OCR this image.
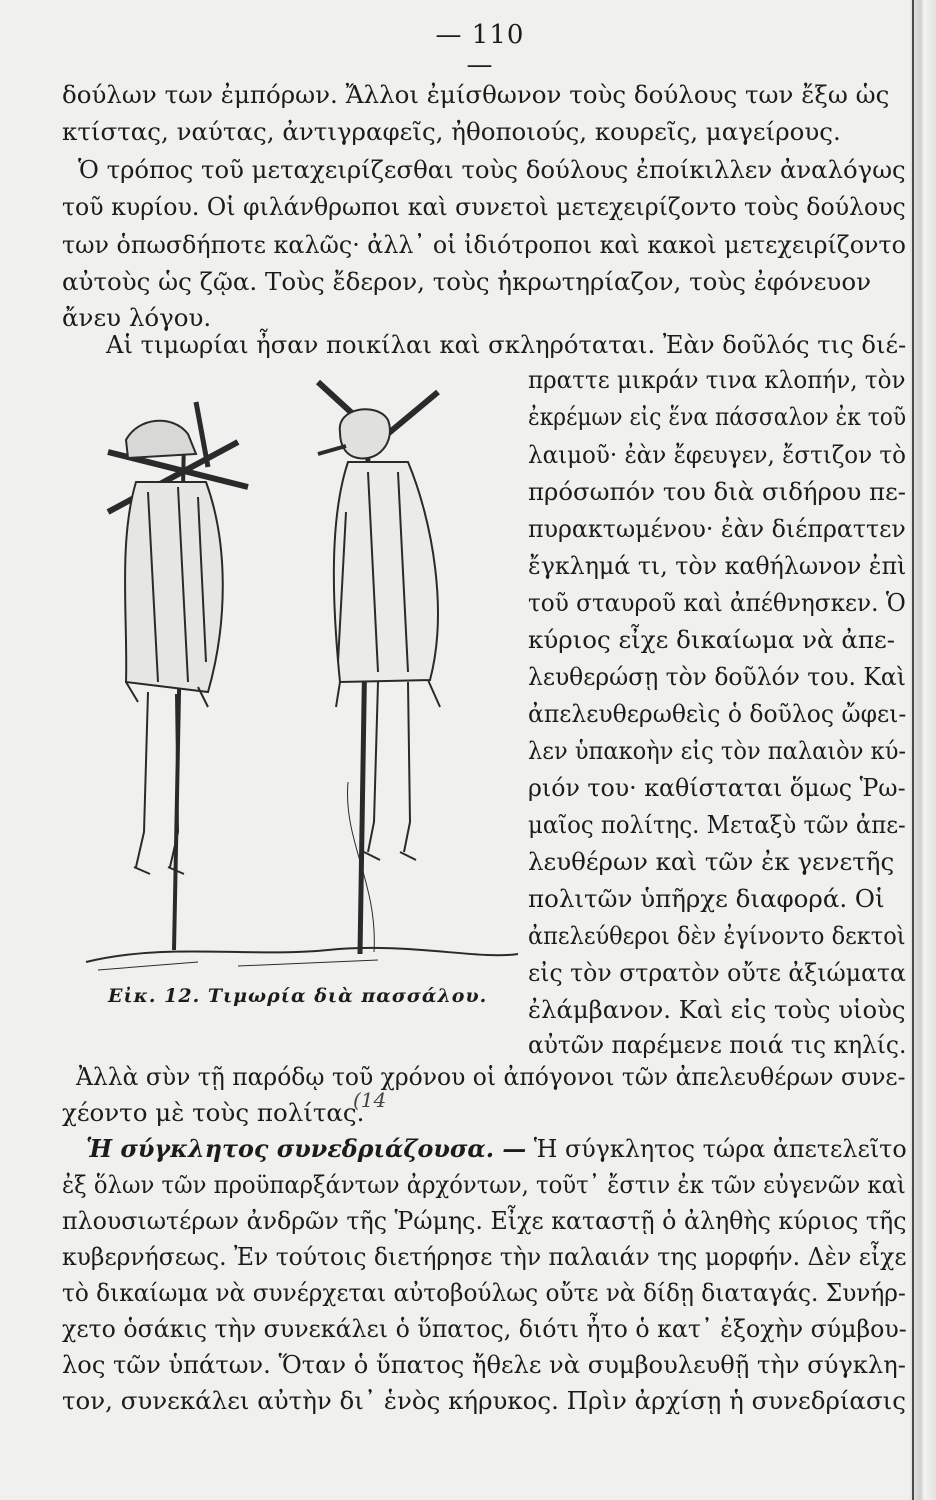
— 110 —
δούλων των ἐμπόρων. Ἄλλοι ἐμίσθωνον τοὺς δούλους των ἔξω ὡς
κτίστας, ναύτας, ἀντιγραφεῖς, ἠθοποιούς, κουρεῖς, μαγείρους.
Ὁ τρόπος τοῦ μεταχειρίζεσθαι τοὺς δούλους ἐποίκιλλεν ἀναλόγως
τοῦ κυρίου. Οἱ φιλάνθρωποι καὶ συνετοὶ μετεχειρίζοντο τοὺς δούλους
των ὁπωσδήποτε καλῶς· ἀλλ᾽ οἱ ἰδιότροποι καὶ κακοὶ μετεχειρίζοντο
αὐτοὺς ὡς ζῷα. Τοὺς ἔδερον, τοὺς ἠκρωτηρίαζον, τοὺς ἐφόνευον
ἄνευ λόγου.
Αἱ τιμωρίαι ἦσαν ποικίλαι καὶ σκληρόταται. Ἐὰν δοῦλός τις διέ-
πραττε μικράν τινα κλοπήν, τὸν
ἐκρέμων εἰς ἕνα πάσσαλον ἐκ τοῦ
λαιμοῦ· ἐὰν ἔφευγεν, ἔστιζον τὸ
πρόσωπόν του διὰ σιδήρου πε-
πυρακτωμένου· ἐὰν διέπραττεν
ἔγκλημά τι, τὸν καθήλωνον ἐπὶ
τοῦ σταυροῦ καὶ ἀπέθνησκεν. Ὁ
κύριος εἶχε δικαίωμα νὰ ἀπε-
λευθερώσῃ τὸν δοῦλόν του. Καὶ
ἀπελευθερωθεὶς ὁ δοῦλος ὤφει-
λεν ὑπακοὴν εἰς τὸν παλαιὸν κύ-
ριόν του· καθίσταται ὅμως Ῥω-
μαῖος πολίτης. Μεταξὺ τῶν ἀπε-
λευθέρων καὶ τῶν ἐκ γενετῆς
πολιτῶν ὑπῆρχε διαφορά. Οἱ
ἀπελεύθεροι δὲν ἐγίνοντο δεκτοὶ
εἰς τὸν στρατὸν οὔτε ἀξιώματα
ἐλάμβανον. Καὶ εἰς τοὺς υἱοὺς
αὐτῶν παρέμενε ποιά τις κηλίς.
Εἰκ. 12. Τιμωρία διὰ πασσάλου.
Ἀλλὰ σὺν τῇ παρόδῳ τοῦ χρόνου οἱ ἀπόγονοι τῶν ἀπελευθέρων συνε-
χέοντο μὲ τοὺς πολίτας.
(14
Ἡ σύγκλητος συνεδριάζουσα. — Ἡ σύγκλητος τώρα ἀπετελεῖτο
ἐξ ὅλων τῶν προϋπαρξάντων ἀρχόντων, τοῦτ᾽ ἔστιν ἐκ τῶν εὐγενῶν καὶ
πλουσιωτέρων ἀνδρῶν τῆς Ῥώμης. Εἶχε καταστῇ ὁ ἀληθὴς κύριος τῆς
κυβερνήσεως. Ἐν τούτοις διετήρησε τὴν παλαιάν της μορφήν. Δὲν εἶχε
τὸ δικαίωμα νὰ συνέρχεται αὐτοβούλως οὔτε νὰ δίδῃ διαταγάς. Συνήρ-
χετο ὁσάκις τὴν συνεκάλει ὁ ὕπατος, διότι ἦτο ὁ κατ᾽ ἐξοχὴν σύμβου-
λος τῶν ὑπάτων. Ὅταν ὁ ὕπατος ἤθελε νὰ συμβουλευθῇ τὴν σύγκλη-
τον, συνεκάλει αὐτὴν δι᾽ ἑνὸς κήρυκος. Πρὶν ἀρχίσῃ ἡ συνεδρίασις
